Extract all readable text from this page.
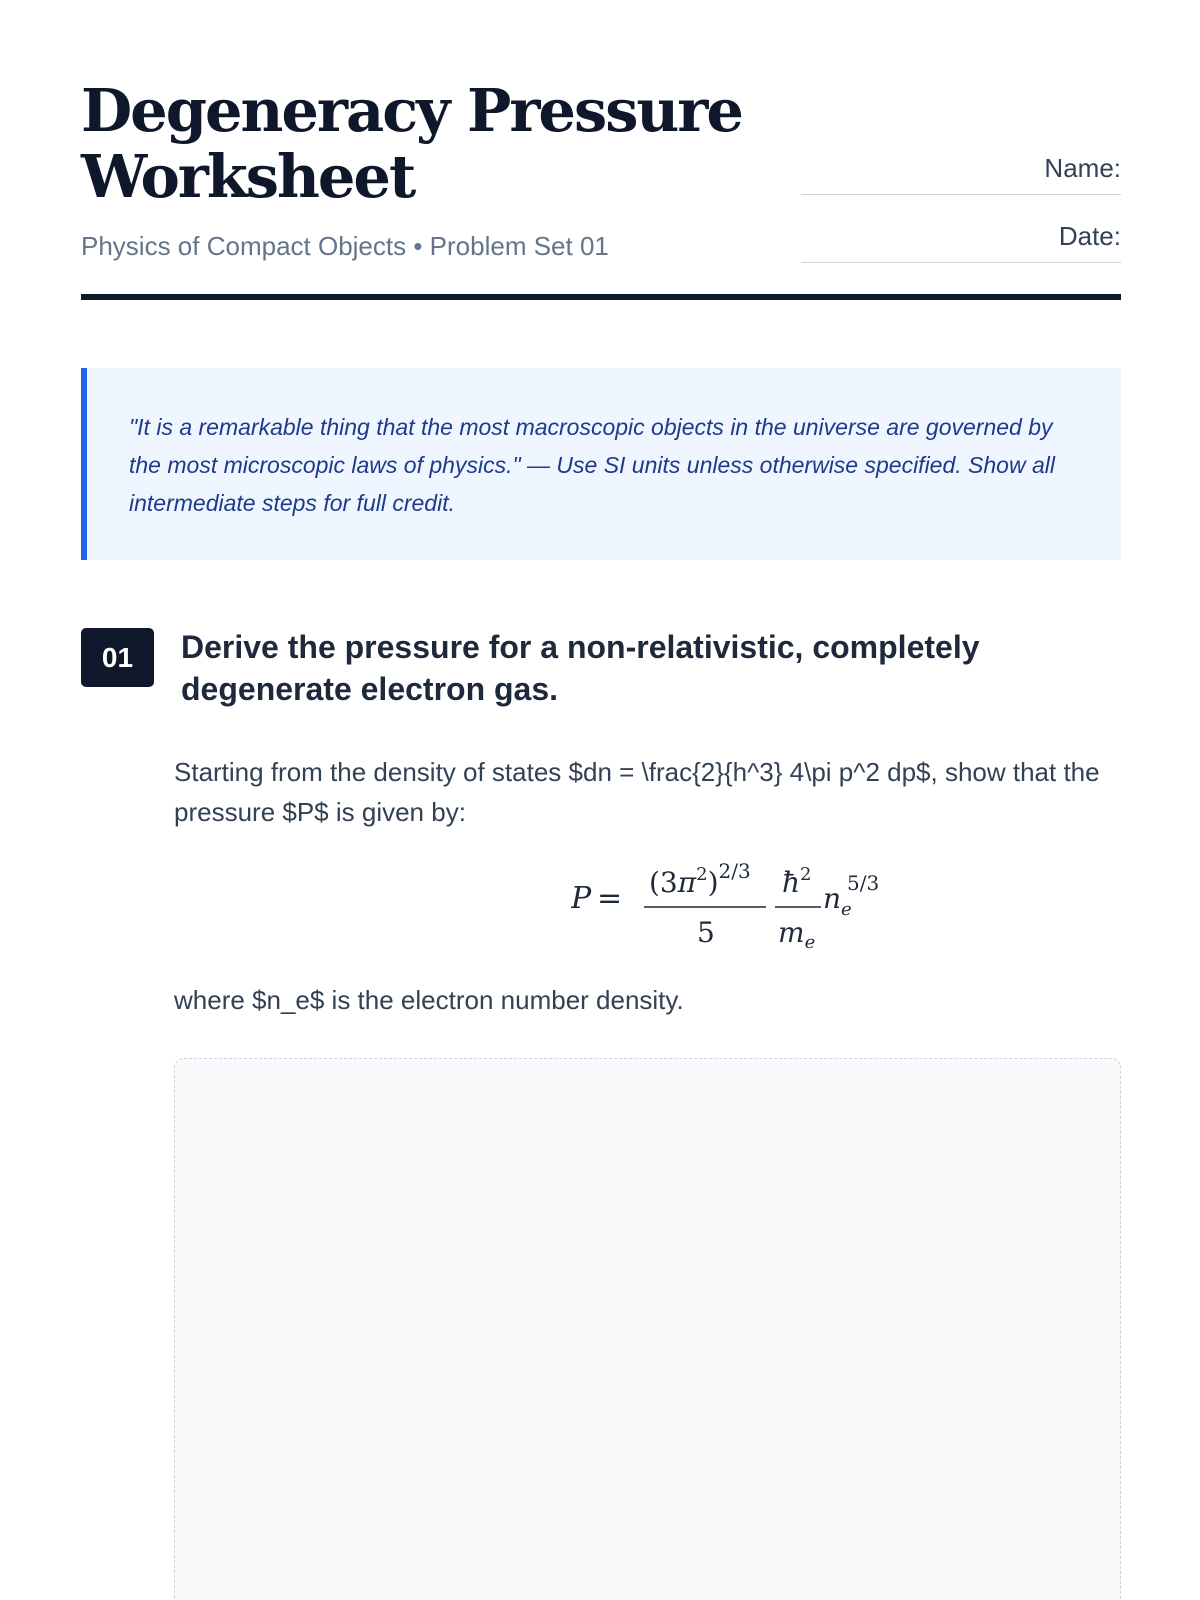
Degeneracy Pressure Worksheet
Physics of Compact Objects • Problem Set 01
Name:
Date:

"It is a remarkable thing that the most macroscopic objects in the universe are governed by the most microscopic laws of physics." — Use SI units unless otherwise specified. Show all intermediate steps for full credit.

01	Derive the pressure for a non-relativistic, completely degenerate electron gas.

Starting from the density of states $dn = \frac{2}{h^3} 4\pi p^2 dp$, show that the pressure $P$ is given by:

$P = (3\pi^2)^{2/3}$
5
$ħ^2$
$m_e$
$n_e$
5/3

where $n_e$ is the electron number density.
